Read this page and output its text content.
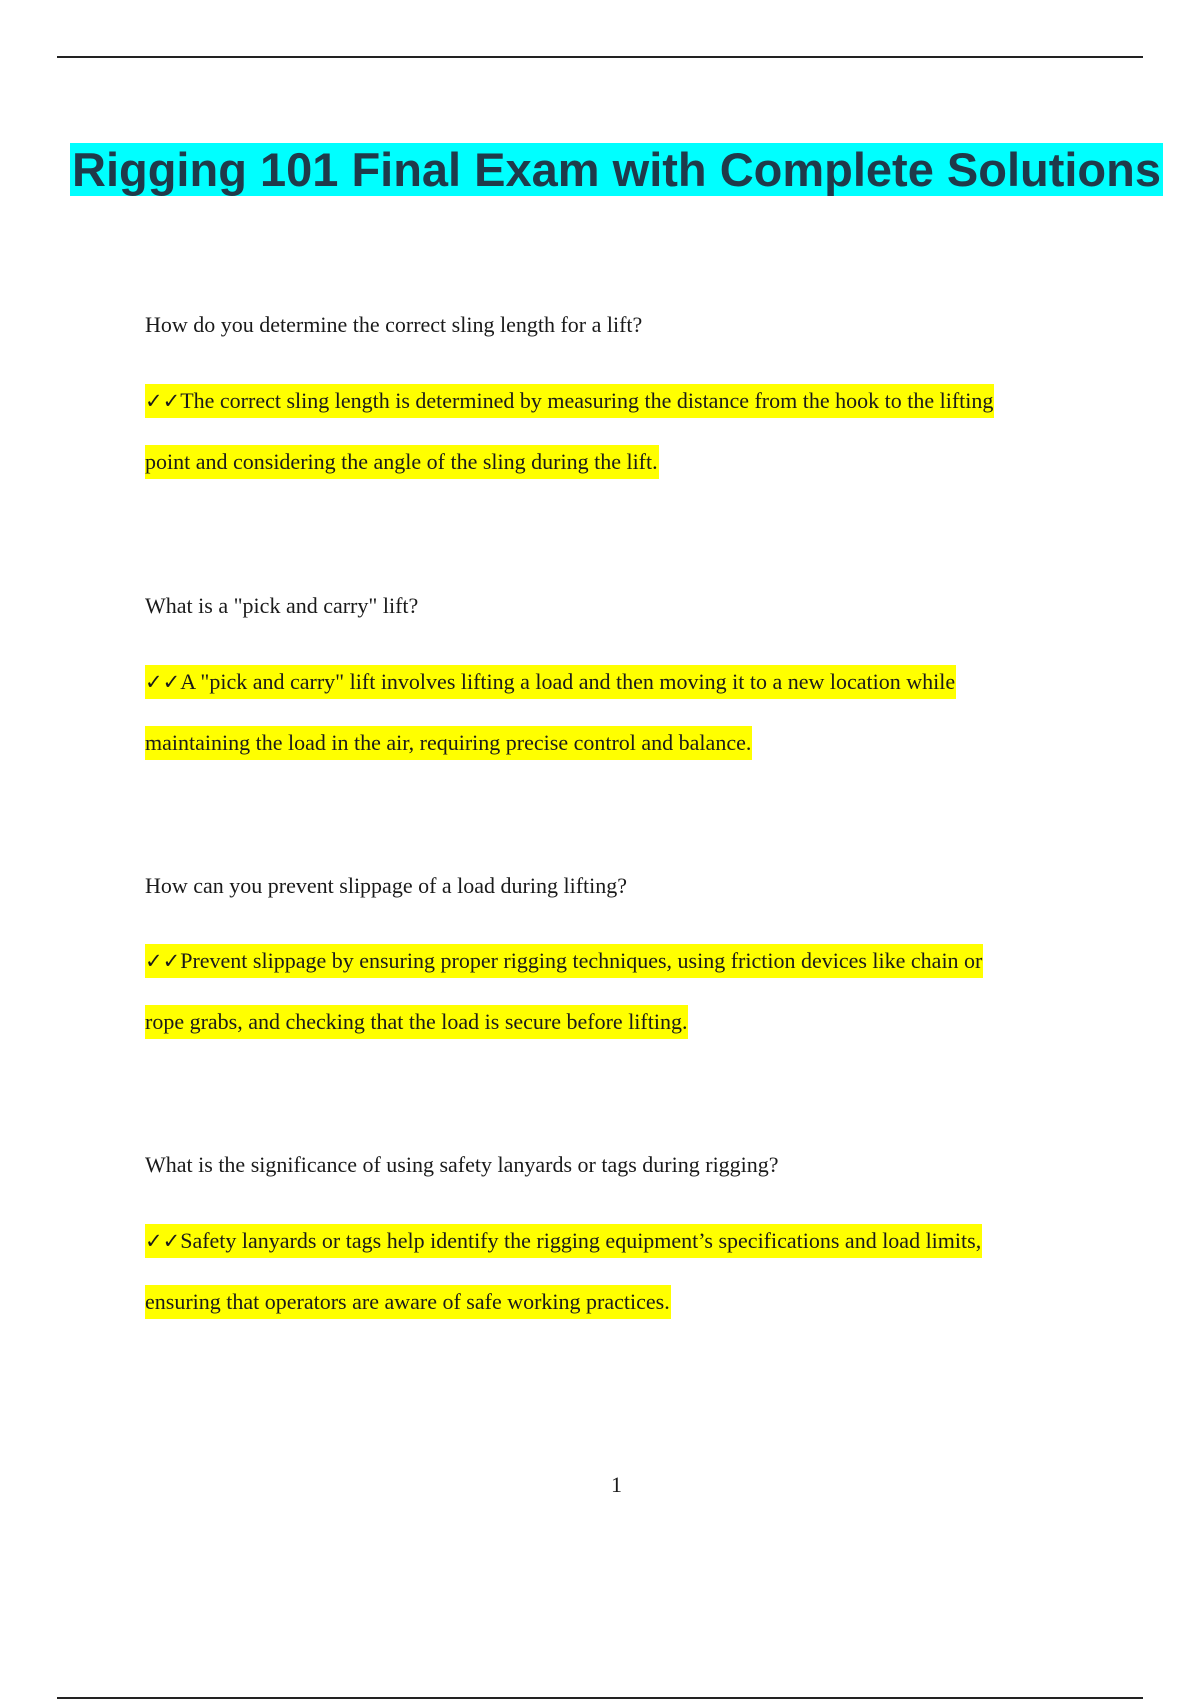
Rigging 101 Final Exam with Complete Solutions
How do you determine the correct sling length for a lift?
✓✓The correct sling length is determined by measuring the distance from the hook to the lifting
point and considering the angle of the sling during the lift.
What is a "pick and carry" lift?
✓✓A "pick and carry" lift involves lifting a load and then moving it to a new location while
maintaining the load in the air, requiring precise control and balance.
How can you prevent slippage of a load during lifting?
✓✓Prevent slippage by ensuring proper rigging techniques, using friction devices like chain or
rope grabs, and checking that the load is secure before lifting.
What is the significance of using safety lanyards or tags during rigging?
✓✓Safety lanyards or tags help identify the rigging equipment’s specifications and load limits,
ensuring that operators are aware of safe working practices.
1
